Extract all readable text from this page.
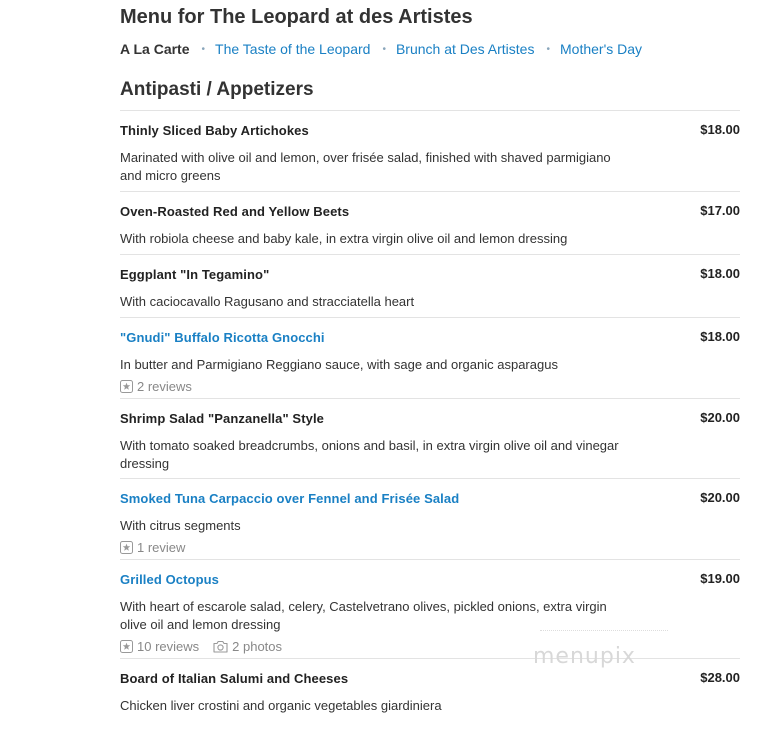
Menu for The Leopard at des Artistes
A La Carte • The Taste of the Leopard • Brunch at Des Artistes • Mother's Day
Antipasti / Appetizers
Thinly Sliced Baby Artichokes	$18.00
Marinated with olive oil and lemon, over frisée salad, finished with shaved parmigiano and micro greens
Oven-Roasted Red and Yellow Beets	$17.00
With robiola cheese and baby kale, in extra virgin olive oil and lemon dressing
Eggplant "In Tegamino"	$18.00
With caciocavallo Ragusano and stracciatella heart
"Gnudi" Buffalo Ricotta Gnocchi	$18.00
In butter and Parmigiano Reggiano sauce, with sage and organic asparagus
2 reviews
Shrimp Salad "Panzanella" Style	$20.00
With tomato soaked breadcrumbs, onions and basil, in extra virgin olive oil and vinegar dressing
Smoked Tuna Carpaccio over Fennel and Frisée Salad	$20.00
With citrus segments
1 review
Grilled Octopus	$19.00
With heart of escarole salad, celery, Castelvetrano olives, pickled onions, extra virgin olive oil and lemon dressing
10 reviews	2 photos
Board of Italian Salumi and Cheeses	$28.00
Chicken liver crostini and organic vegetables giardiniera
menupix
